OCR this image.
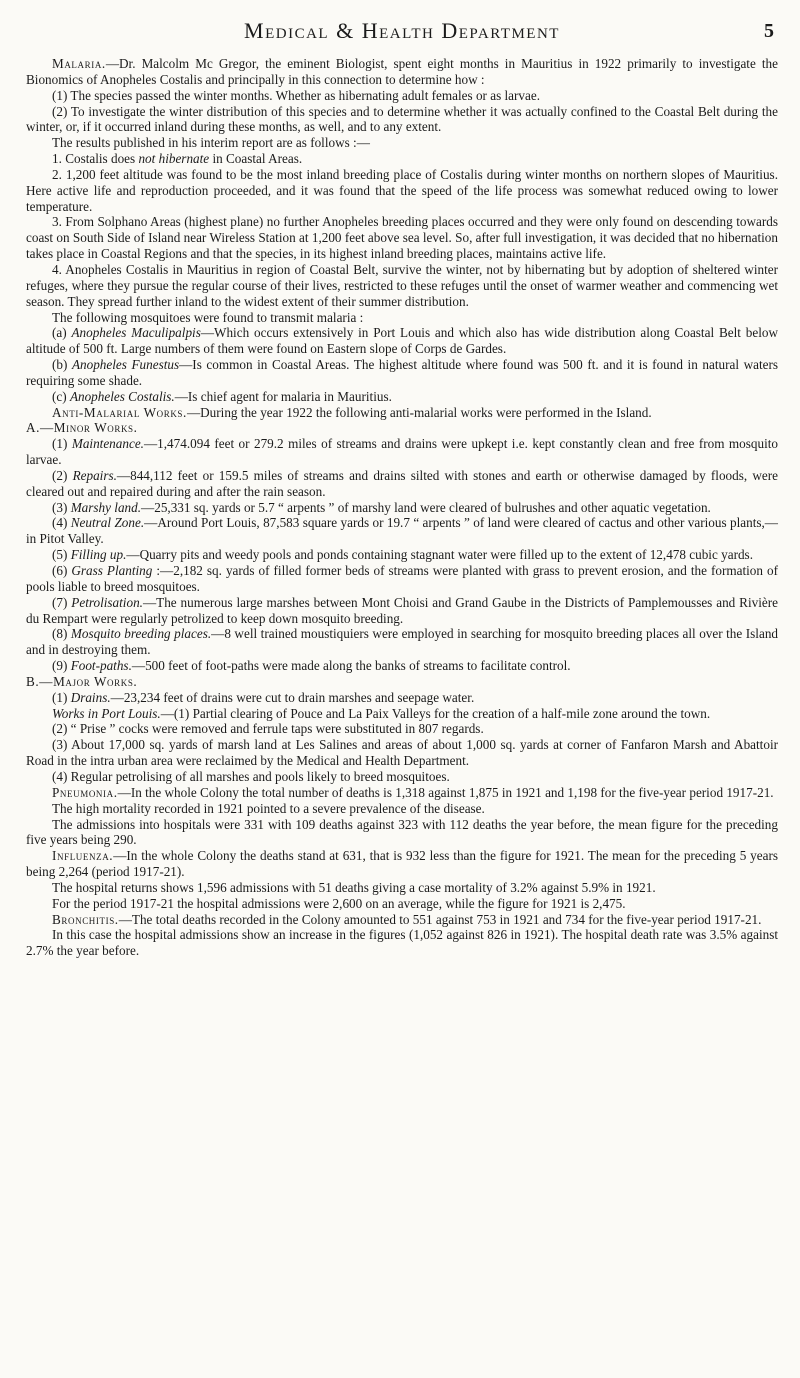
Medical & Health Department	5

Malaria.—Dr. Malcolm Mc Gregor, the eminent Biologist, spent eight months in Mauritius in 1922 primarily to investigate the Bionomics of Anopheles Costalis and principally in this connection to determine how :

(1) The species passed the winter months. Whether as hibernating adult females or as larvae.

(2) To investigate the winter distribution of this species and to determine whether it was actually confined to the Coastal Belt during the winter, or, if it occurred inland during these months, as well, and to any extent.

The results published in his interim report are as follows :—

1. Costalis does not hibernate in Coastal Areas.

2. 1,200 feet altitude was found to be the most inland breeding place of Costalis during winter months on northern slopes of Mauritius. Here active life and reproduction proceeded, and it was found that the speed of the life process was somewhat reduced owing to lower temperature.

3. From Solphano Areas (highest plane) no further Anopheles breeding places occurred and they were only found on descending towards coast on South Side of Island near Wireless Station at 1,200 feet above sea level. So, after full investigation, it was decided that no hibernation takes place in Coastal Regions and that the species, in its highest inland breeding places, maintains active life.

4. Anopheles Costalis in Mauritius in region of Coastal Belt, survive the winter, not by hibernating but by adoption of sheltered winter refuges, where they pursue the regular course of their lives, restricted to these refuges until the onset of warmer weather and commencing wet season. They spread further inland to the widest extent of their summer distribution.

The following mosquitoes were found to transmit malaria :

(a) Anopheles Maculipalpis—Which occurs extensively in Port Louis and which also has wide distribution along Coastal Belt below altitude of 500 ft. Large numbers of them were found on Eastern slope of Corps de Gardes.

(b) Anopheles Funestus—Is common in Coastal Areas. The highest altitude where found was 500 ft. and it is found in natural waters requiring some shade.

(c) Anopheles Costalis.—Is chief agent for malaria in Mauritius.

Anti-Malarial Works.—During the year 1922 the following anti-malarial works were performed in the Island.

A.—Minor Works.

(1) Maintenance.—1,474.094 feet or 279.2 miles of streams and drains were upkept i.e. kept constantly clean and free from mosquito larvae.

(2) Repairs.—844,112 feet or 159.5 miles of streams and drains silted with stones and earth or otherwise damaged by floods, were cleared out and repaired during and after the rain season.

(3) Marshy land.—25,331 sq. yards or 5.7 “ arpents ” of marshy land were cleared of bulrushes and other aquatic vegetation.

(4) Neutral Zone.—Around Port Louis, 87,583 square yards or 19.7 “ arpents ” of land were cleared of cactus and other various plants,—in Pitot Valley.

(5) Filling up.—Quarry pits and weedy pools and ponds containing stagnant water were filled up to the extent of 12,478 cubic yards.

(6) Grass Planting :—2,182 sq. yards of filled former beds of streams were planted with grass to prevent erosion, and the formation of pools liable to breed mosquitoes.

(7) Petrolisation.—The numerous large marshes between Mont Choisi and Grand Gaube in the Districts of Pamplemousses and Rivière du Rempart were regularly petrolized to keep down mosquito breeding.

(8) Mosquito breeding places.—8 well trained moustiquiers were employed in searching for mosquito breeding places all over the Island and in destroying them.

(9) Foot-paths.—500 feet of foot-paths were made along the banks of streams to facilitate control.

B.—Major Works.

(1) Drains.—23,234 feet of drains were cut to drain marshes and seepage water.

Works in Port Louis.—(1) Partial clearing of Pouce and La Paix Valleys for the creation of a half-mile zone around the town.

(2) “ Prise ” cocks were removed and ferrule taps were substituted in 807 regards.

(3) About 17,000 sq. yards of marsh land at Les Salines and areas of about 1,000 sq. yards at corner of Fanfaron Marsh and Abattoir Road in the intra urban area were reclaimed by the Medical and Health Department.

(4) Regular petrolising of all marshes and pools likely to breed mosquitoes.

Pneumonia.—In the whole Colony the total number of deaths is 1,318 against 1,875 in 1921 and 1,198 for the five-year period 1917-21.

The high mortality recorded in 1921 pointed to a severe prevalence of the disease.

The admissions into hospitals were 331 with 109 deaths against 323 with 112 deaths the year before, the mean figure for the preceding five years being 290.

Influenza.—In the whole Colony the deaths stand at 631, that is 932 less than the figure for 1921. The mean for the preceding 5 years being 2,264 (period 1917-21).

The hospital returns shows 1,596 admissions with 51 deaths giving a case mortality of 3.2% against 5.9% in 1921.

For the period 1917-21 the hospital admissions were 2,600 on an average, while the figure for 1921 is 2,475.

Bronchitis.—The total deaths recorded in the Colony amounted to 551 against 753 in 1921 and 734 for the five-year period 1917-21.

In this case the hospital admissions show an increase in the figures (1,052 against 826 in 1921). The hospital death rate was 3.5% against 2.7% the year before.
